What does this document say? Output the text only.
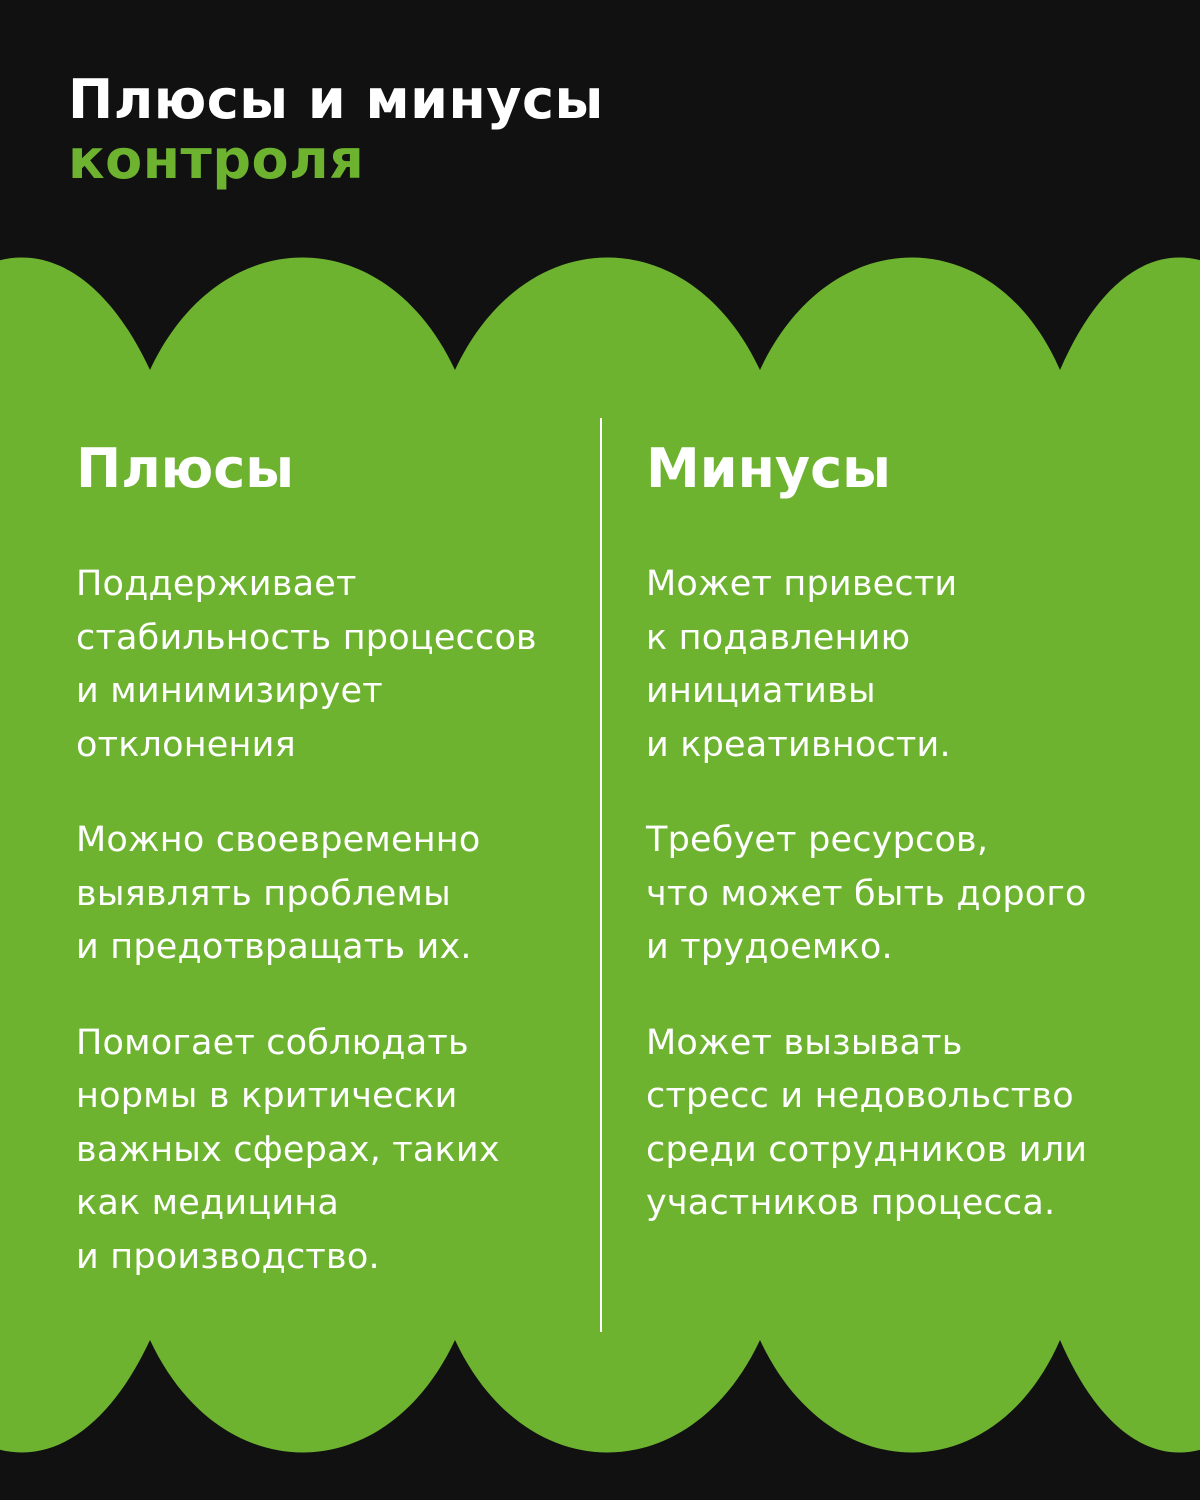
Плюсы и минусы
контроля
Плюсы
Поддерживает
стабильность процессов
и минимизирует
отклонения
Можно своевременно
выявлять проблемы
и предотвращать их.
Помогает соблюдать
нормы в критически
важных сферах, таких
как медицина
и производство.
Минусы
Может привести
к подавлению
инициативы
и креативности.
Требует ресурсов,
что может быть дорого
и трудоемко.
Может вызывать
стресс и недовольство
среди сотрудников или
участников процесса.
